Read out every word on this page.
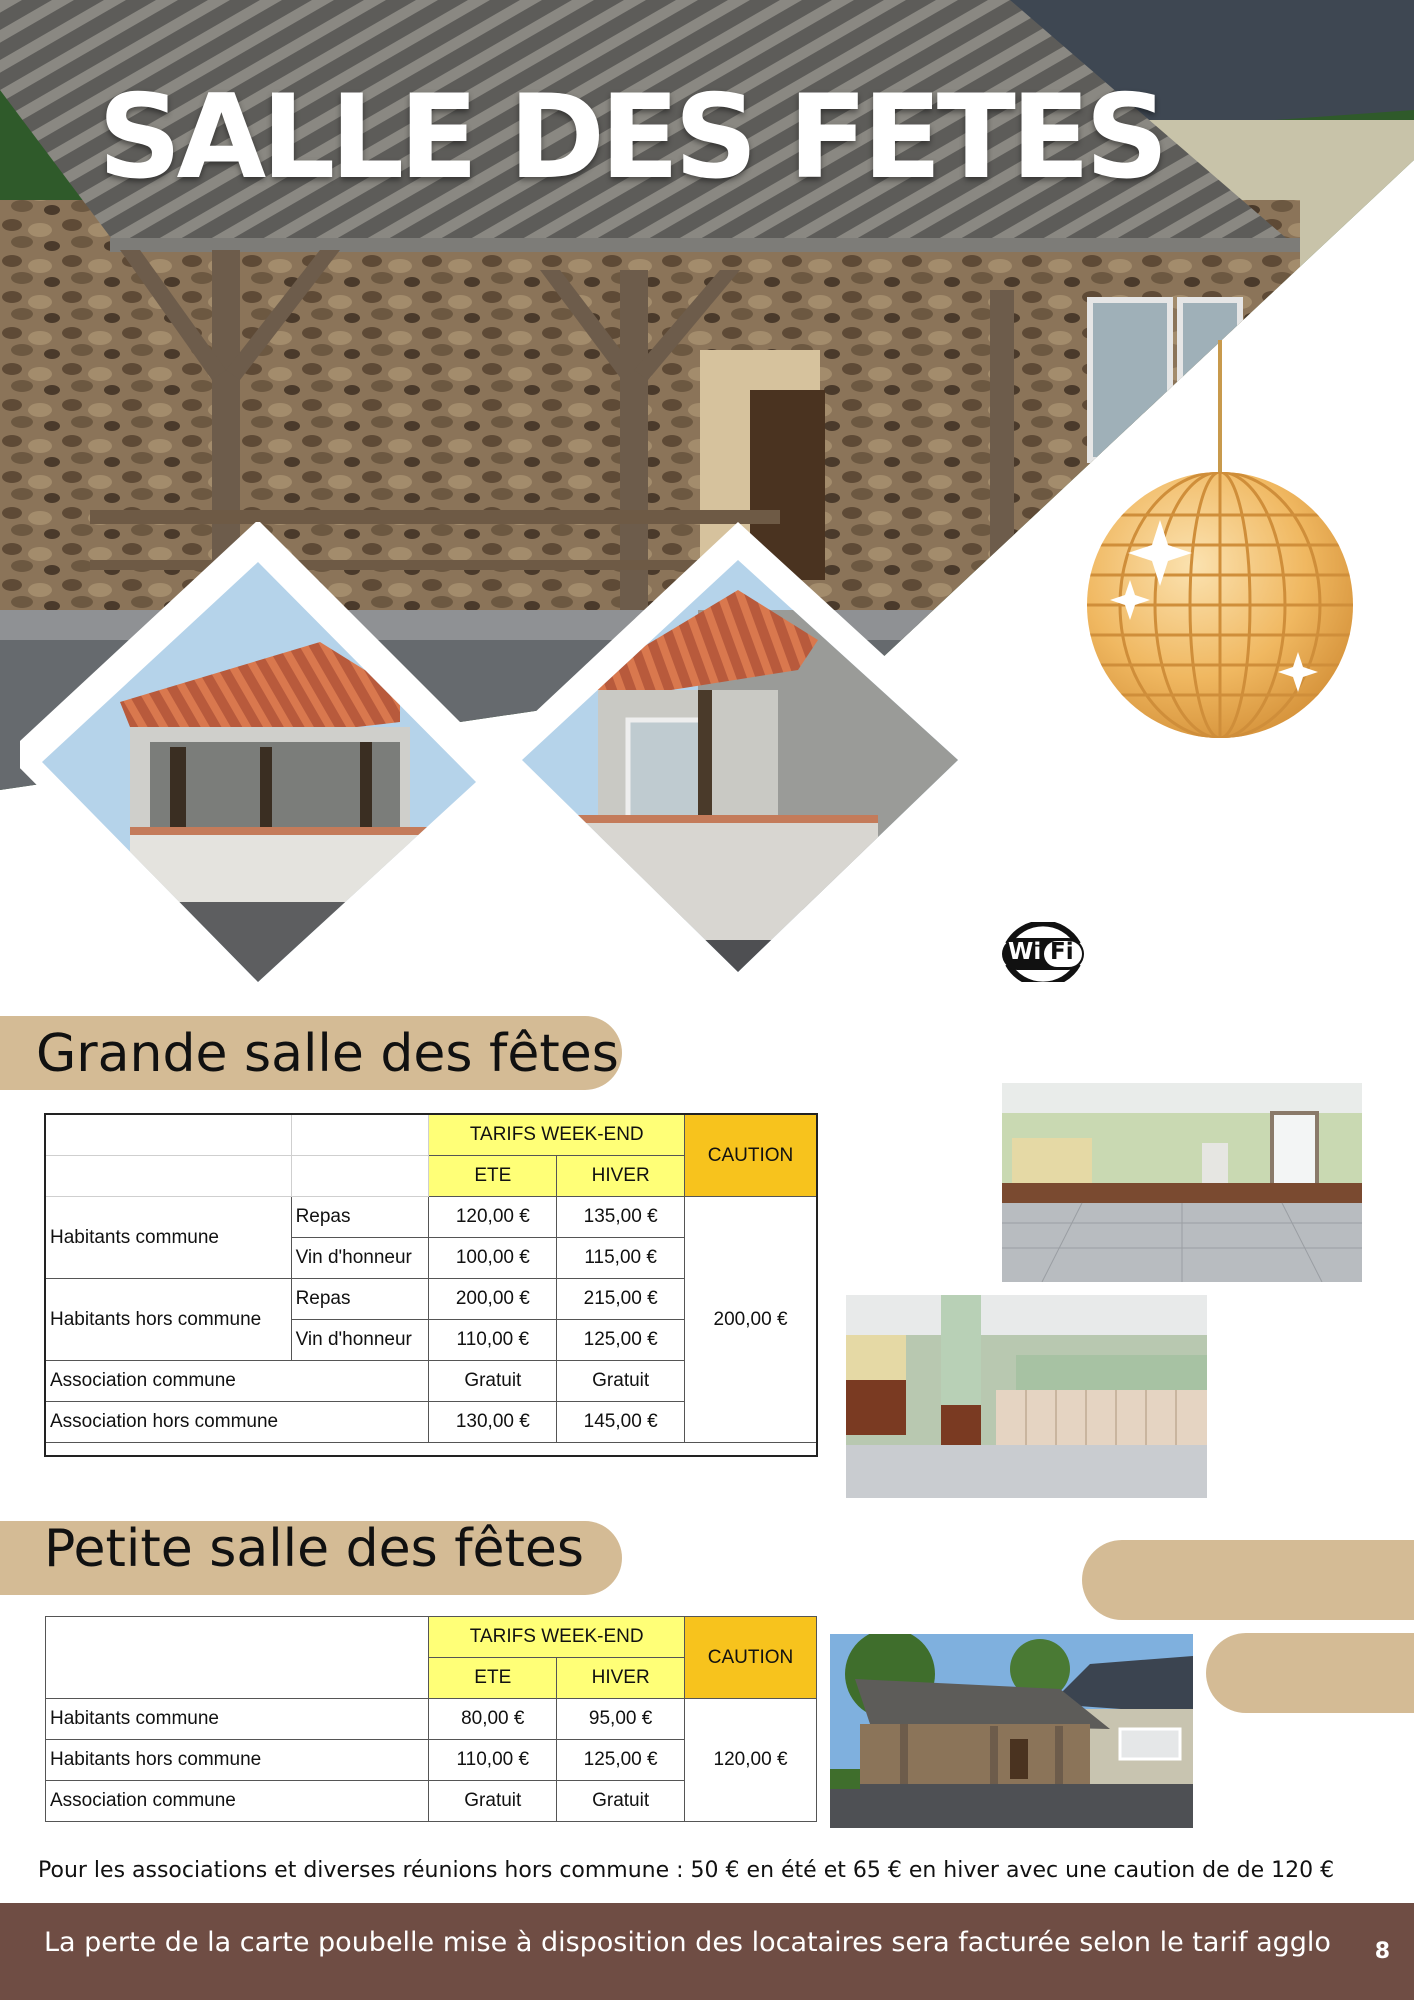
SALLE DES FETES
Wi Fi
Grande salle des fêtes
		TARIFS WEEK-END		CAUTION
		ETE	HIVER	
Habitants commune	Repas	120,00 €	135,00 €	200,00 €
	Vin d'honneur	100,00 €	115,00 €	
Habitants hors commune	Repas	200,00 €	215,00 €	
	Vin d'honneur	110,00 €	125,00 €	
Association commune		Gratuit	Gratuit	
Association hors commune		130,00 €	145,00 €	
Petite salle des fêtes
	TARIFS WEEK-END		CAUTION
	ETE	HIVER	
Habitants commune	80,00 €	95,00 €	120,00 €
Habitants hors commune	110,00 €	125,00 €	
Association commune	Gratuit	Gratuit	

Pour les associations et diverses réunions hors commune : 50 € en été et 65 € en hiver avec une caution de de 120 €

La perte de la carte poubelle mise à disposition des locataires sera facturée selon le tarif agglo 8
